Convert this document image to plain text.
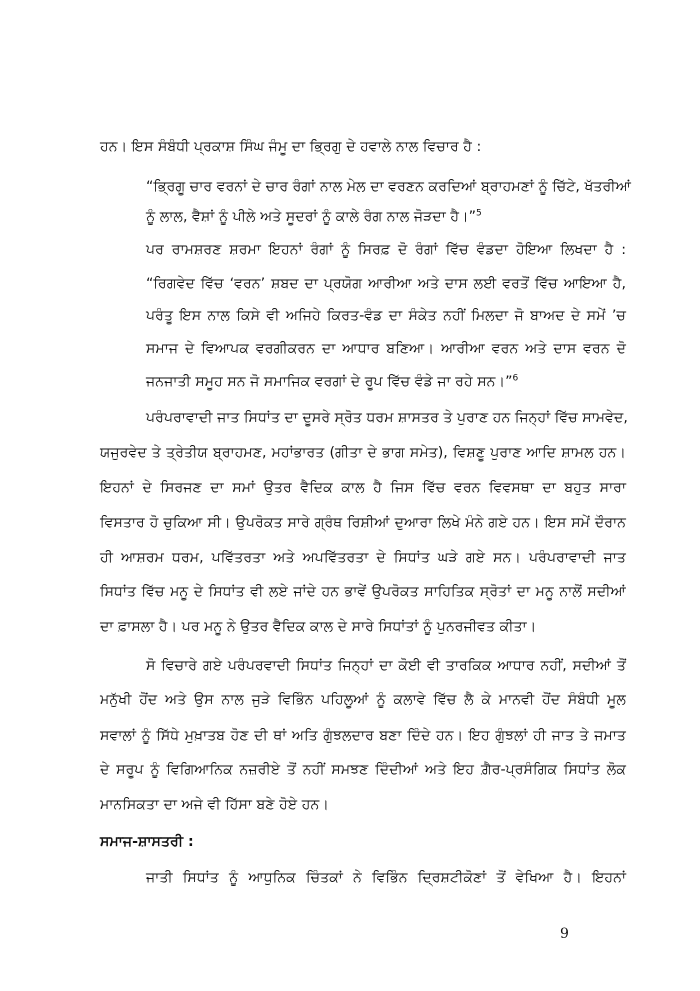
ਹਨ। ਇਸ ਸੰਬੰਧੀ ਪ੍ਰਕਾਸ਼ ਸਿੰਘ ਜੰਮੂ ਦਾ ਭ੍ਰਿਗੁ ਦੇ ਹਵਾਲੇ ਨਾਲ ਵਿਚਾਰ ਹੈ :
“ਭ੍ਰਿਗੂ ਚਾਰ ਵਰਨਾਂ ਦੇ ਚਾਰ ਰੰਗਾਂ ਨਾਲ ਮੇਲ ਦਾ ਵਰਣਨ ਕਰਦਿਆਂ ਬ੍ਰਾਹਮਣਾਂ ਨੂੰ ਚਿੱਟੇ, ਖੱਤਰੀਆਂ
ਨੂੰ ਲਾਲ, ਵੈਸ਼ਾਂ ਨੂੰ ਪੀਲੇ ਅਤੇ ਸੂਦਰਾਂ ਨੂੰ ਕਾਲੇ ਰੰਗ ਨਾਲ ਜੋੜਦਾ ਹੈ।”$^5$
ਪਰ ਰਾਮਸ਼ਰਣ ਸ਼ਰਮਾ ਇਹਨਾਂ ਰੰਗਾਂ ਨੂੰ ਸਿਰਫ਼ ਦੋ ਰੰਗਾਂ ਵਿੱਚ ਵੰਡਦਾ ਹੋਇਆ ਲਿਖਦਾ ਹੈ :
“ਰਿਗਵੇਦ ਵਿੱਚ ‘ਵਰਨ’ ਸ਼ਬਦ ਦਾ ਪ੍ਰਯੋਗ ਆਰੀਆ ਅਤੇ ਦਾਸ ਲਈ ਵਰਤੋਂ ਵਿੱਚ ਆਇਆ ਹੈ,
ਪਰੰਤੂ ਇਸ ਨਾਲ ਕਿਸੇ ਵੀ ਅਜਿਹੇ ਕਿਰਤ-ਵੰਡ ਦਾ ਸੰਕੇਤ ਨਹੀਂ ਮਿਲਦਾ ਜੋ ਬਾਅਦ ਦੇ ਸਮੇਂ ’ਚ
ਸਮਾਜ ਦੇ ਵਿਆਪਕ ਵਰਗੀਕਰਨ ਦਾ ਆਧਾਰ ਬਣਿਆ। ਆਰੀਆ ਵਰਨ ਅਤੇ ਦਾਸ ਵਰਨ ਦੋ
ਜਨਜਾਤੀ ਸਮੂਹ ਸਨ ਜੋ ਸਮਾਜਿਕ ਵਰਗਾਂ ਦੇ ਰੂਪ ਵਿੱਚ ਵੰਡੇ ਜਾ ਰਹੇ ਸਨ।”$^6$
ਪਰੰਪਰਾਵਾਦੀ ਜਾਤ ਸਿਧਾਂਤ ਦਾ ਦੂਸਰੇ ਸ੍ਰੋਤ ਧਰਮ ਸ਼ਾਸਤਰ ਤੇ ਪੁਰਾਣ ਹਨ ਜਿਨ੍ਹਾਂ ਵਿੱਚ ਸਾਮਵੇਦ,
ਯਜੁਰਵੇਦ ਤੇ ਤ੍ਰੇਤੀਯ ਬ੍ਰਾਹਮਣ, ਮਹਾਂਭਾਰਤ (ਗੀਤਾ ਦੇ ਭਾਗ ਸਮੇਤ), ਵਿਸ਼ਣੂ ਪੁਰਾਣ ਆਦਿ ਸ਼ਾਮਲ ਹਨ।
ਇਹਨਾਂ ਦੇ ਸਿਰਜਣ ਦਾ ਸਮਾਂ ਉਤਰ ਵੈਦਿਕ ਕਾਲ ਹੈ ਜਿਸ ਵਿੱਚ ਵਰਨ ਵਿਵਸਥਾ ਦਾ ਬਹੁਤ ਸਾਰਾ
ਵਿਸਤਾਰ ਹੋ ਚੁਕਿਆ ਸੀ। ਉਪਰੋਕਤ ਸਾਰੇ ਗ੍ਰੰਥ ਰਿਸ਼ੀਆਂ ਦੁਆਰਾ ਲਿਖੇ ਮੰਨੇ ਗਏ ਹਨ। ਇਸ ਸਮੇਂ ਦੌਰਾਨ
ਹੀ ਆਸ਼ਰਮ ਧਰਮ, ਪਵਿੱਤਰਤਾ ਅਤੇ ਅਪਵਿੱਤਰਤਾ ਦੇ ਸਿਧਾਂਤ ਘੜੇ ਗਏ ਸਨ। ਪਰੰਪਰਾਵਾਦੀ ਜਾਤ
ਸਿਧਾਂਤ ਵਿੱਚ ਮਨੂ ਦੇ ਸਿਧਾਂਤ ਵੀ ਲਏ ਜਾਂਦੇ ਹਨ ਭਾਵੇਂ ਉਪਰੋਕਤ ਸਾਹਿਤਿਕ ਸ੍ਰੋਤਾਂ ਦਾ ਮਨੂ ਨਾਲੋਂ ਸਦੀਆਂ
ਦਾ ਫ਼ਾਸਲਾ ਹੈ। ਪਰ ਮਨੂ ਨੇ ਉਤਰ ਵੈਦਿਕ ਕਾਲ ਦੇ ਸਾਰੇ ਸਿਧਾਂਤਾਂ ਨੂੰ ਪੁਨਰਜੀਵਤ ਕੀਤਾ।
ਸੋ ਵਿਚਾਰੇ ਗਏ ਪਰੰਪਰਵਾਦੀ ਸਿਧਾਂਤ ਜਿਨ੍ਹਾਂ ਦਾ ਕੋਈ ਵੀ ਤਾਰਕਿਕ ਆਧਾਰ ਨਹੀਂ, ਸਦੀਆਂ ਤੋਂ
ਮਨੁੱਖੀ ਹੋਂਦ ਅਤੇ ਉਸ ਨਾਲ ਜੁੜੇ ਵਿਭਿੰਨ ਪਹਿਲੂਆਂ ਨੂੰ ਕਲਾਵੇ ਵਿੱਚ ਲੈ ਕੇ ਮਾਨਵੀ ਹੋਂਦ ਸੰਬੰਧੀ ਮੂਲ
ਸਵਾਲਾਂ ਨੂੰ ਸਿੱਧੇ ਮੁਖ਼ਾਤਬ ਹੋਣ ਦੀ ਥਾਂ ਅਤਿ ਗੁੰਝਲਦਾਰ ਬਣਾ ਦਿੰਦੇ ਹਨ। ਇਹ ਗੁੰਝਲਾਂ ਹੀ ਜਾਤ ਤੇ ਜਮਾਤ
ਦੇ ਸਰੂਪ ਨੂੰ ਵਿਗਿਆਨਿਕ ਨਜ਼ਰੀਏ ਤੋਂ ਨਹੀਂ ਸਮਝਣ ਦਿੰਦੀਆਂ ਅਤੇ ਇਹ ਗ਼ੈਰ-ਪ੍ਰਸੰਗਿਕ ਸਿਧਾਂਤ ਲੋਕ
ਮਾਨਸਿਕਤਾ ਦਾ ਅਜੇ ਵੀ ਹਿੱਸਾ ਬਣੇ ਹੋਏ ਹਨ।
ਸਮਾਜ-ਸ਼ਾਸਤਰੀ :
ਜਾਤੀ ਸਿਧਾਂਤ ਨੂੰ ਆਧੁਨਿਕ ਚਿੰਤਕਾਂ ਨੇ ਵਿਭਿੰਨ ਦ੍ਰਿਸ਼ਟੀਕੋਣਾਂ ਤੋਂ ਵੇਖਿਆ ਹੈ। ਇਹਨਾਂ
9
